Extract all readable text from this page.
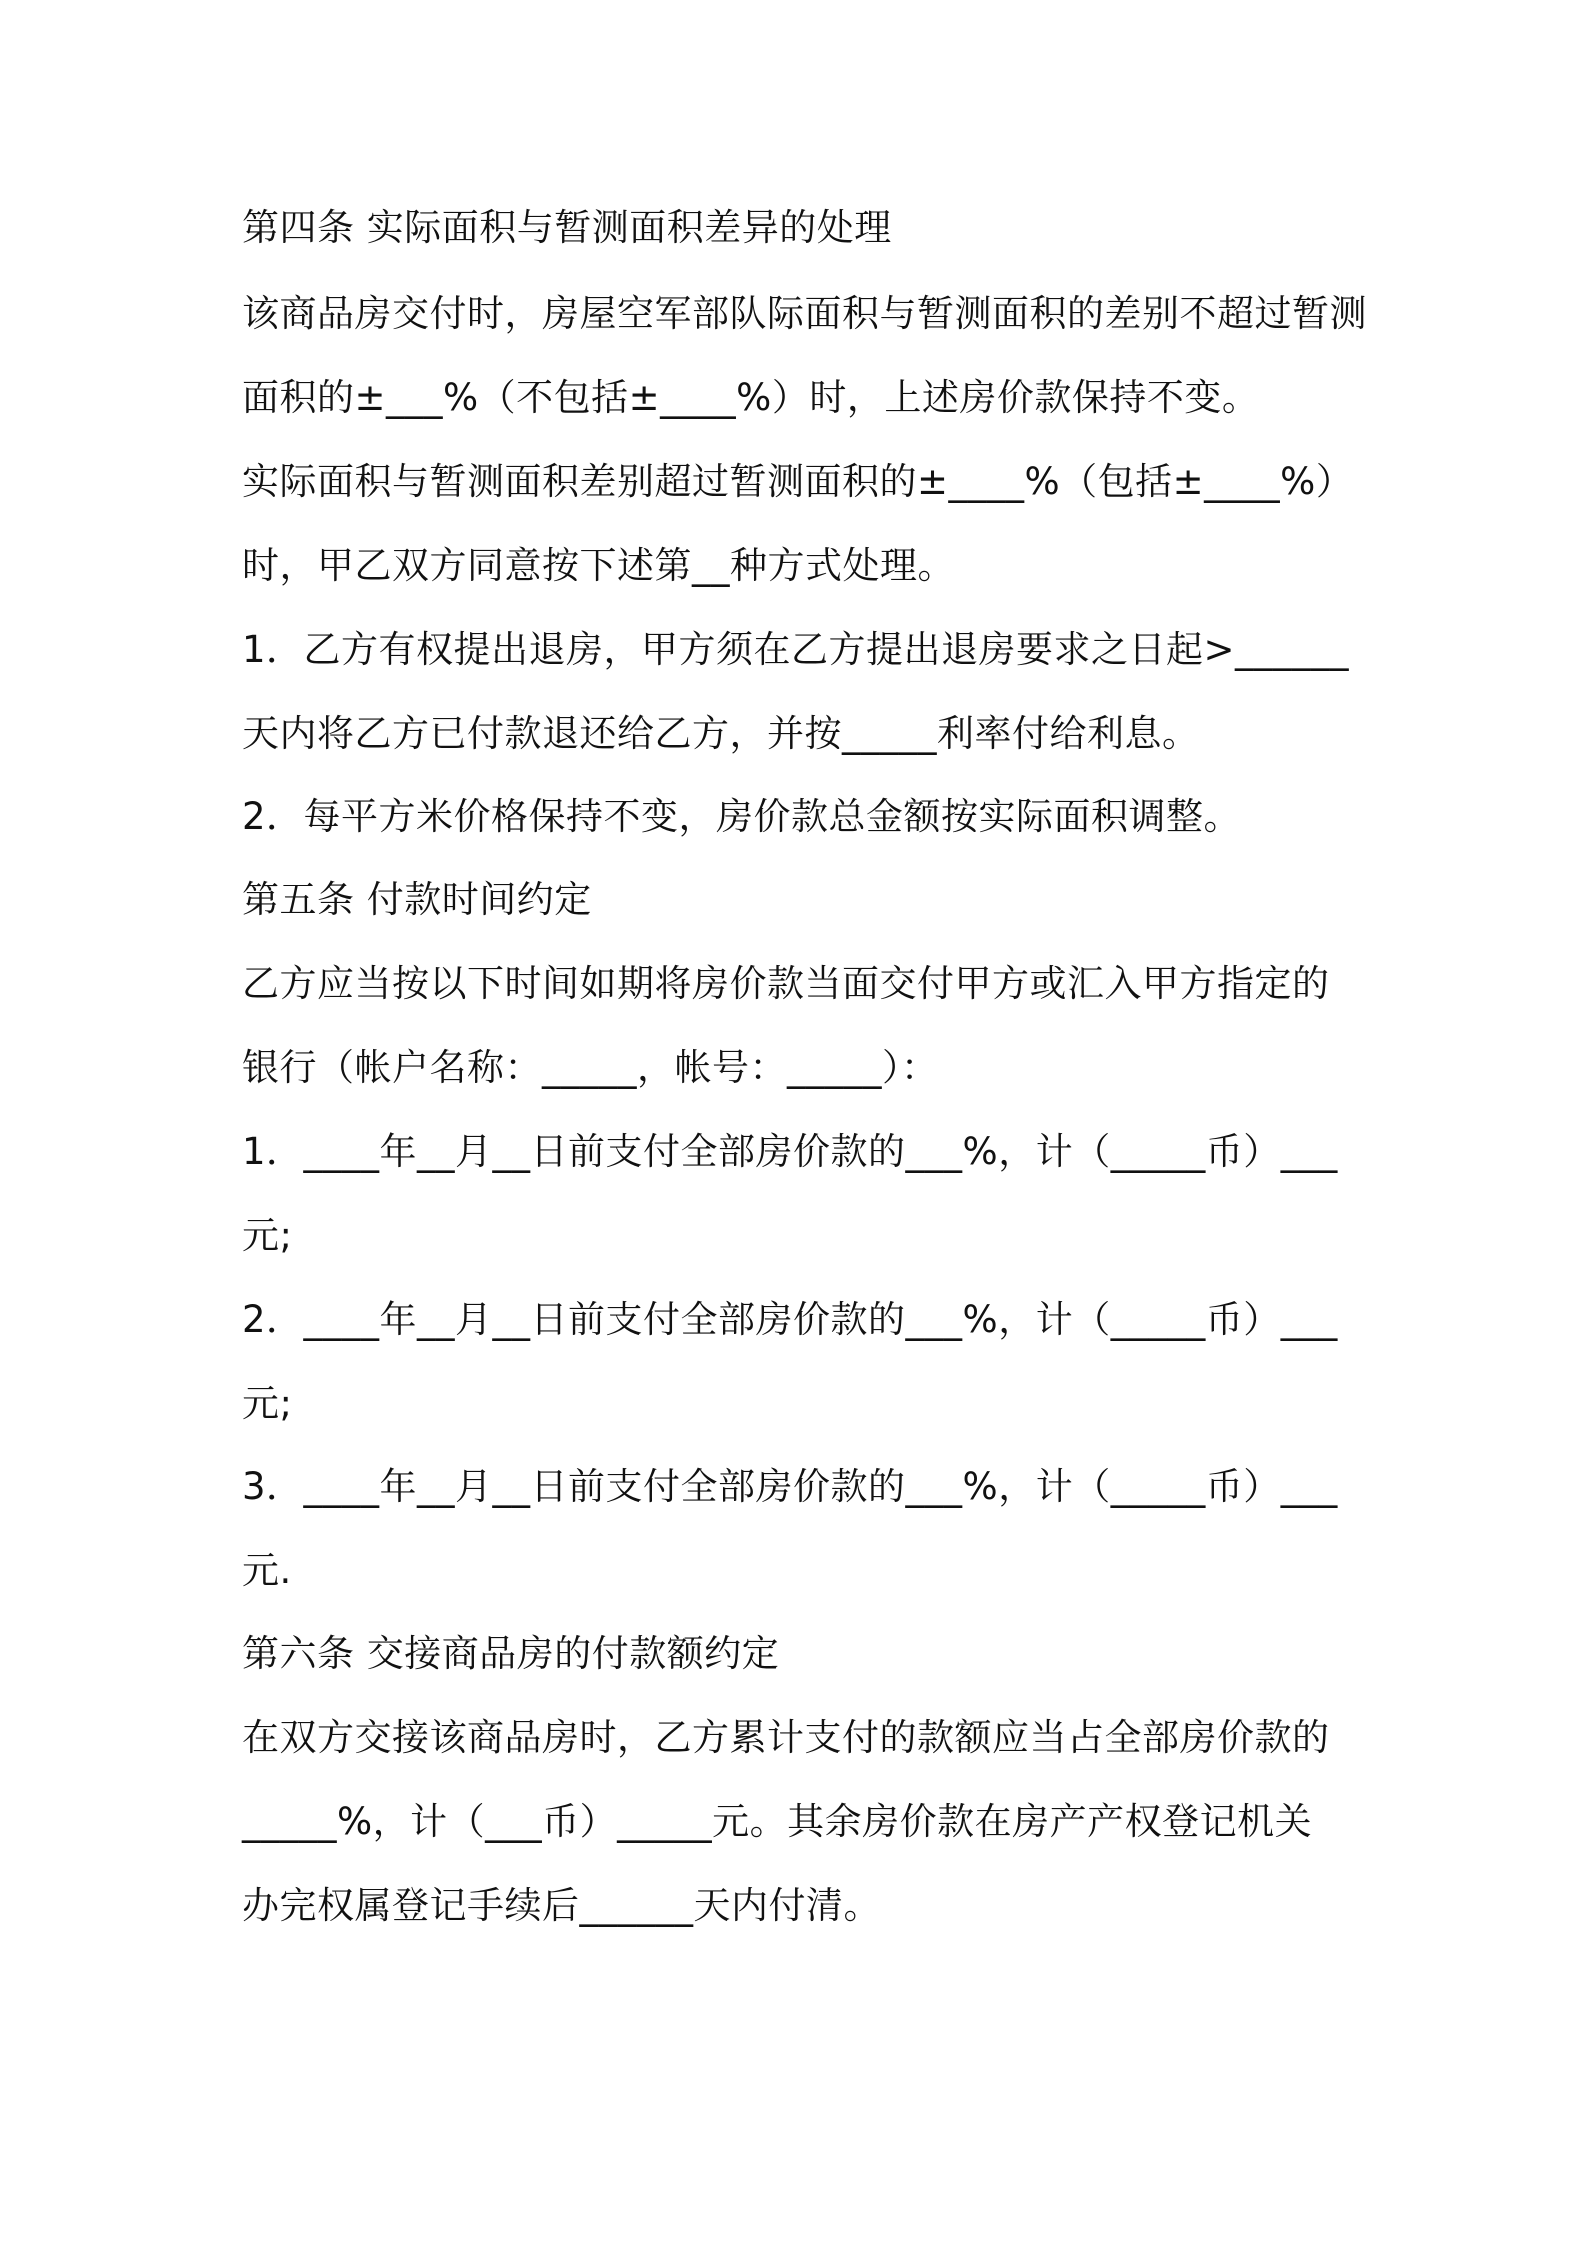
第四条 实际面积与暂测面积差异的处理
该商品房交付时，房屋空军部队际面积与暂测面积的差别不超过暂测
面积的±___%（不包括±____%）时，上述房价款保持不变。
实际面积与暂测面积差别超过暂测面积的±____%（包括±____%）
时，甲乙双方同意按下述第__种方式处理。
1．乙方有权提出退房，甲方须在乙方提出退房要求之日起>______
天内将乙方已付款退还给乙方，并按_____利率付给利息。
2．每平方米价格保持不变，房价款总金额按实际面积调整。
第五条 付款时间约定
乙方应当按以下时间如期将房价款当面交付甲方或汇入甲方指定的
银行（帐户名称：_____，帐号：_____）：
1．____年__月__日前支付全部房价款的___%，计（_____币）___
元;
2．____年__月__日前支付全部房价款的___%，计（_____币）___
元;
3．____年__月__日前支付全部房价款的___%，计（_____币）___
元.
第六条 交接商品房的付款额约定
在双方交接该商品房时，乙方累计支付的款额应当占全部房价款的
_____%，计（___币）_____元。其余房价款在房产产权登记机关
办完权属登记手续后______天内付清。
